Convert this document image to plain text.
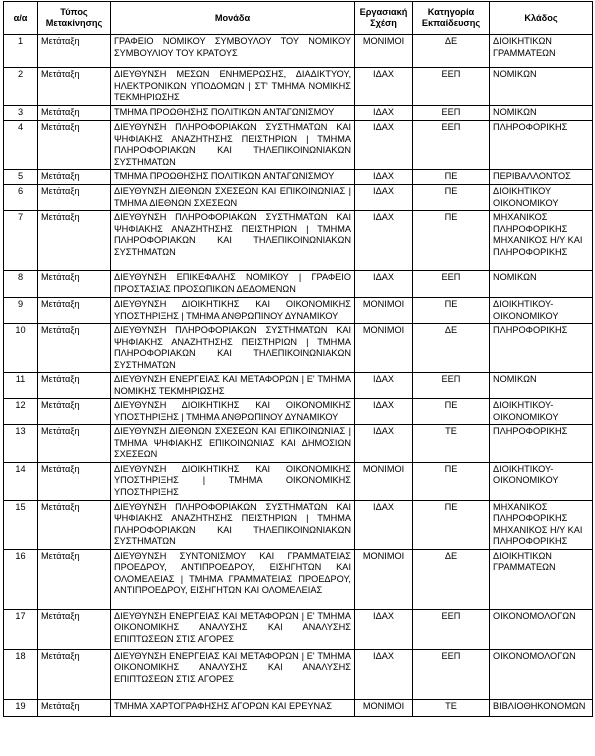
α/α	Τύπος Μετακίνησης	Μονάδα	Εργασιακή Σχέση	Κατηγορία Εκπαίδευσης	Κλάδος
1	Μετάταξη	ΓΡΑΦΕΙΟ ΝΟΜΙΚΟΥ ΣΥΜΒΟΥΛΟΥ ΤΟΥ ΝΟΜΙΚΟΥ ΣΥΜΒΟΥΛΙΟΥ ΤΟΥ ΚΡΑΤΟΥΣ	ΜΟΝΙΜΟΙ	ΔΕ	ΔΙΟΙΚΗΤΙΚΩΝ ΓΡΑΜΜΑΤΕΩΝ
2	Μετάταξη	ΔΙΕΥΘΥΝΣΗ ΜΕΣΩΝ ΕΝΗΜΕΡΩΣΗΣ, ΔΙΑΔΙΚΤΥΟΥ, ΗΛΕΚΤΡΟΝΙΚΩΝ ΥΠΟΔΟΜΩΝ | ΣΤ' ΤΜΗΜΑ ΝΟΜΙΚΗΣ ΤΕΚΜΗΡΙΩΣΗΣ	ΙΔΑΧ	ΕΕΠ	ΝΟΜΙΚΩΝ
3	Μετάταξη	ΤΜΗΜΑ ΠΡΟΩΘΗΣΗΣ ΠΟΛΙΤΙΚΩΝ ΑΝΤΑΓΩΝΙΣΜΟΥ	ΙΔΑΧ	ΕΕΠ	ΝΟΜΙΚΩΝ
4	Μετάταξη	ΔΙΕΥΘΥΝΣΗ ΠΛΗΡΟΦΟΡΙΑΚΩΝ ΣΥΣΤΗΜΑΤΩΝ ΚΑΙ ΨΗΦΙΑΚΗΣ ΑΝΑΖΗΤΗΣΗΣ ΠΕΙΣΤΗΡΙΩΝ | ΤΜΗΜΑ ΠΛΗΡΟΦΟΡΙΑΚΩΝ ΚΑΙ ΤΗΛΕΠΙΚΟΙΝΩΝΙΑΚΩΝ ΣΥΣΤΗΜΑΤΩΝ	ΙΔΑΧ	ΕΕΠ	ΠΛΗΡΟΦΟΡΙΚΗΣ
5	Μετάταξη	ΤΜΗΜΑ ΠΡΟΩΘΗΣΗΣ ΠΟΛΙΤΙΚΩΝ ΑΝΤΑΓΩΝΙΣΜΟΥ	ΙΔΑΧ	ΠΕ	ΠΕΡΙΒΑΛΛΟΝΤΟΣ
6	Μετάταξη	ΔΙΕΥΘΥΝΣΗ ΔΙΕΘΝΩΝ ΣΧΕΣΕΩΝ ΚΑΙ ΕΠΙΚΟΙΝΩΝΙΑΣ | ΤΜΗΜΑ ΔΙΕΘΝΩΝ ΣΧΕΣΕΩΝ	ΙΔΑΧ	ΠΕ	ΔΙΟΙΚΗΤΙΚΟΥ ΟΙΚΟΝΟΜΙΚΟΥ
7	Μετάταξη	ΔΙΕΥΘΥΝΣΗ ΠΛΗΡΟΦΟΡΙΑΚΩΝ ΣΥΣΤΗΜΑΤΩΝ ΚΑΙ ΨΗΦΙΑΚΗΣ ΑΝΑΖΗΤΗΣΗΣ ΠΕΙΣΤΗΡΙΩΝ | ΤΜΗΜΑ ΠΛΗΡΟΦΟΡΙΑΚΩΝ ΚΑΙ ΤΗΛΕΠΙΚΟΙΝΩΝΙΑΚΩΝ ΣΥΣΤΗΜΑΤΩΝ	ΙΔΑΧ	ΠΕ	ΜΗΧΑΝΙΚΟΣ ΠΛΗΡΟΦΟΡΙΚΗΣ ΜΗΧΑΝΙΚΟΣ Η/Υ ΚΑΙ ΠΛΗΡΟΦΟΡΙΚΗΣ
8	Μετάταξη	ΔΙΕΥΘΥΝΣΗ ΕΠΙΚΕΦΑΛΗΣ ΝΟΜΙΚΟΥ | ΓΡΑΦΕΙΟ ΠΡΟΣΤΑΣΙΑΣ ΠΡΟΣΩΠΙΚΩΝ ΔΕΔΟΜΕΝΩΝ	ΙΔΑΧ	ΕΕΠ	ΝΟΜΙΚΩΝ
9	Μετάταξη	ΔΙΕΥΘΥΝΣΗ ΔΙΟΙΚΗΤΙΚΗΣ ΚΑΙ ΟΙΚΟΝΟΜΙΚΗΣ ΥΠΟΣΤΗΡΙΞΗΣ | ΤΜΗΜΑ ΑΝΘΡΩΠΙΝΟΥ ΔΥΝΑΜΙΚΟΥ	ΜΟΝΙΜΟΙ	ΠΕ	ΔΙΟΙΚΗΤΙΚΟΥ-ΟΙΚΟΝΟΜΙΚΟΥ
10	Μετάταξη	ΔΙΕΥΘΥΝΣΗ ΠΛΗΡΟΦΟΡΙΑΚΩΝ ΣΥΣΤΗΜΑΤΩΝ ΚΑΙ ΨΗΦΙΑΚΗΣ ΑΝΑΖΗΤΗΣΗΣ ΠΕΙΣΤΗΡΙΩΝ | ΤΜΗΜΑ ΠΛΗΡΟΦΟΡΙΑΚΩΝ ΚΑΙ ΤΗΛΕΠΙΚΟΙΝΩΝΙΑΚΩΝ ΣΥΣΤΗΜΑΤΩΝ	ΜΟΝΙΜΟΙ	ΔΕ	ΠΛΗΡΟΦΟΡΙΚΗΣ
11	Μετάταξη	ΔΙΕΥΘΥΝΣΗ ΕΝΕΡΓΕΙΑΣ ΚΑΙ ΜΕΤΑΦΟΡΩΝ | Ε' ΤΜΗΜΑ ΝΟΜΙΚΗΣ ΤΕΚΜΗΡΙΩΣΗΣ	ΙΔΑΧ	ΕΕΠ	ΝΟΜΙΚΩΝ
12	Μετάταξη	ΔΙΕΥΘΥΝΣΗ ΔΙΟΙΚΗΤΙΚΗΣ ΚΑΙ ΟΙΚΟΝΟΜΙΚΗΣ ΥΠΟΣΤΗΡΙΞΗΣ | ΤΜΗΜΑ ΑΝΘΡΩΠΙΝΟΥ ΔΥΝΑΜΙΚΟΥ	ΙΔΑΧ	ΠΕ	ΔΙΟΙΚΗΤΙΚΟΥ-ΟΙΚΟΝΟΜΙΚΟΥ
13	Μετάταξη	ΔΙΕΥΘΥΝΣΗ ΔΙΕΘΝΩΝ ΣΧΕΣΕΩΝ ΚΑΙ ΕΠΙΚΟΙΝΩΝΙΑΣ | ΤΜΗΜΑ ΨΗΦΙΑΚΗΣ ΕΠΙΚΟΙΝΩΝΙΑΣ ΚΑΙ ΔΗΜΟΣΙΩΝ ΣΧΕΣΕΩΝ	ΙΔΑΧ	ΤΕ	ΠΛΗΡΟΦΟΡΙΚΗΣ
14	Μετάταξη	ΔΙΕΥΘΥΝΣΗ ΔΙΟΙΚΗΤΙΚΗΣ ΚΑΙ ΟΙΚΟΝΟΜΙΚΗΣ ΥΠΟΣΤΗΡΙΞΗΣ | ΤΜΗΜΑ ΟΙΚΟΝΟΜΙΚΗΣ ΥΠΟΣΤΗΡΙΞΗΣ	ΜΟΝΙΜΟΙ	ΠΕ	ΔΙΟΙΚΗΤΙΚΟΥ-ΟΙΚΟΝΟΜΙΚΟΥ
15	Μετάταξη	ΔΙΕΥΘΥΝΣΗ ΠΛΗΡΟΦΟΡΙΑΚΩΝ ΣΥΣΤΗΜΑΤΩΝ ΚΑΙ ΨΗΦΙΑΚΗΣ ΑΝΑΖΗΤΗΣΗΣ ΠΕΙΣΤΗΡΙΩΝ | ΤΜΗΜΑ ΠΛΗΡΟΦΟΡΙΑΚΩΝ ΚΑΙ ΤΗΛΕΠΙΚΟΙΝΩΝΙΑΚΩΝ ΣΥΣΤΗΜΑΤΩΝ	ΙΔΑΧ	ΠΕ	ΜΗΧΑΝΙΚΟΣ ΠΛΗΡΟΦΟΡΙΚΗΣ ΜΗΧΑΝΙΚΟΣ Η/Υ ΚΑΙ ΠΛΗΡΟΦΟΡΙΚΗΣ
16	Μετάταξη	ΔΙΕΥΘΥΝΣΗ ΣΥΝΤΟΝΙΣΜΟΥ ΚΑΙ ΓΡΑΜΜΑΤΕΙΑΣ ΠΡΟΕΔΡΟΥ, ΑΝΤΙΠΡΟΕΔΡΟΥ, ΕΙΣΗΓΗΤΩΝ ΚΑΙ ΟΛΟΜΕΛΕΙΑΣ | ΤΜΗΜΑ ΓΡΑΜΜΑΤΕΙΑΣ ΠΡΟΕΔΡΟΥ, ΑΝΤΙΠΡΟΕΔΡΟΥ, ΕΙΣΗΓΗΤΩΝ ΚΑΙ ΟΛΟΜΕΛΕΙΑΣ	ΜΟΝΙΜΟΙ	ΔΕ	ΔΙΟΙΚΗΤΙΚΩΝ ΓΡΑΜΜΑΤΕΩΝ
17	Μετάταξη	ΔΙΕΥΘΥΝΣΗ ΕΝΕΡΓΕΙΑΣ ΚΑΙ ΜΕΤΑΦΟΡΩΝ | Ε' ΤΜΗΜΑ ΟΙΚΟΝΟΜΙΚΗΣ ΑΝΑΛΥΣΗΣ ΚΑΙ ΑΝΑΛΥΣΗΣ ΕΠΙΠΤΩΣΕΩΝ ΣΤΙΣ ΑΓΟΡΕΣ	ΙΔΑΧ	ΕΕΠ	ΟΙΚΟΝΟΜΟΛΟΓΩΝ
18	Μετάταξη	ΔΙΕΥΘΥΝΣΗ ΕΝΕΡΓΕΙΑΣ ΚΑΙ ΜΕΤΑΦΟΡΩΝ | Ε' ΤΜΗΜΑ ΟΙΚΟΝΟΜΙΚΗΣ ΑΝΑΛΥΣΗΣ ΚΑΙ ΑΝΑΛΥΣΗΣ ΕΠΙΠΤΩΣΕΩΝ ΣΤΙΣ ΑΓΟΡΕΣ	ΙΔΑΧ	ΕΕΠ	ΟΙΚΟΝΟΜΟΛΟΓΩΝ
19	Μετάταξη	ΤΜΗΜΑ ΧΑΡΤΟΓΡΑΦΗΣΗΣ ΑΓΟΡΩΝ ΚΑΙ ΕΡΕΥΝΑΣ	ΜΟΝΙΜΟΙ	ΤΕ	ΒΙΒΛΙΟΘΗΚΟΝΟΜΩΝ
